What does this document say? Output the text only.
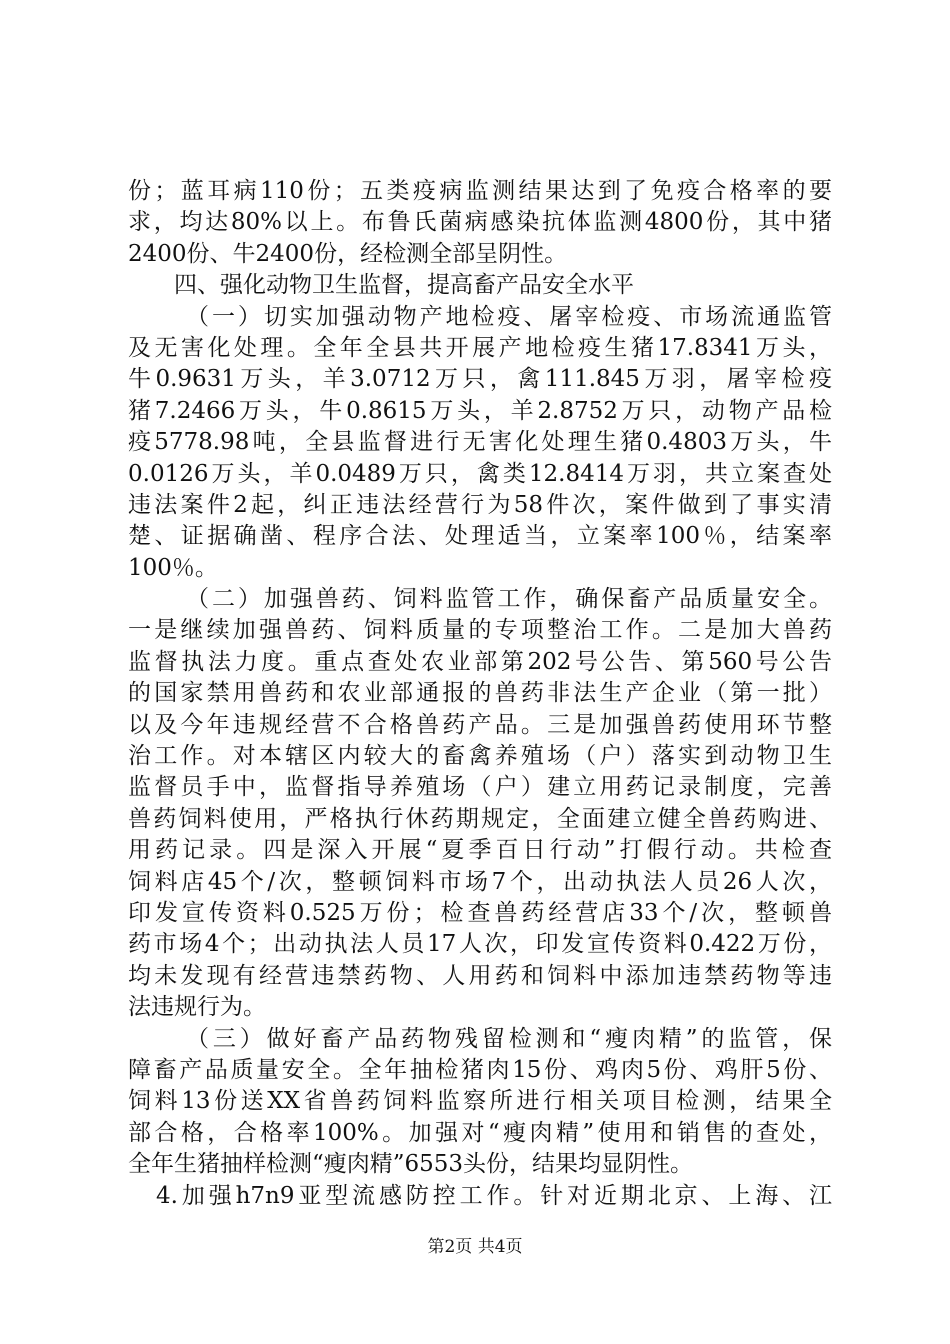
份；蓝耳病110份；五类疫病监测结果达到了免疫合格率的要
求，均达80%以上。布鲁氏菌病感染抗体监测4800份，其中猪
2400份、牛2400份，经检测全部呈阴性。
四、强化动物卫生监督，提高畜产品安全水平
（一）切实加强动物产地检疫、屠宰检疫、市场流通监管
及无害化处理。全年全县共开展产地检疫生猪17.8341万头，
牛0.9631万头，羊3.0712万只，禽111.845万羽，屠宰检疫
猪7.2466万头，牛0.8615万头，羊2.8752万只，动物产品检
疫5778.98吨，全县监督进行无害化处理生猪0.4803万头，牛
0.0126万头，羊0.0489万只，禽类12.8414万羽，共立案查处
违法案件2起，纠正违法经营行为58件次，案件做到了事实清
楚、证据确凿、程序合法、处理适当，立案率100％，结案率
100％。
（二）加强兽药、饲料监管工作，确保畜产品质量安全。
一是继续加强兽药、饲料质量的专项整治工作。二是加大兽药
监督执法力度。重点查处农业部第202号公告、第560号公告
的国家禁用兽药和农业部通报的兽药非法生产企业（第一批）
以及今年违规经营不合格兽药产品。三是加强兽药使用环节整
治工作。对本辖区内较大的畜禽养殖场（户）落实到动物卫生
监督员手中，监督指导养殖场（户）建立用药记录制度，完善
兽药饲料使用，严格执行休药期规定，全面建立健全兽药购进、
用药记录。四是深入开展“夏季百日行动”打假行动。共检查
饲料店45个/次，整顿饲料市场7个，出动执法人员26人次，
印发宣传资料0.525万份；检查兽药经营店33个/次，整顿兽
药市场4个；出动执法人员17人次，印发宣传资料0.422万份，
均未发现有经营违禁药物、人用药和饲料中添加违禁药物等违
法违规行为。
（三）做好畜产品药物残留检测和“瘦肉精”的监管，保
障畜产品质量安全。全年抽检猪肉15份、鸡肉5份、鸡肝5份、
饲料13份送XX省兽药饲料监察所进行相关项目检测，结果全
部合格，合格率100%。加强对“瘦肉精”使用和销售的查处，
全年生猪抽样检测“瘦肉精”6553头份，结果均显阴性。
4.加强h7n9亚型流感防控工作。针对近期北京、上海、江
第2页 共4页
